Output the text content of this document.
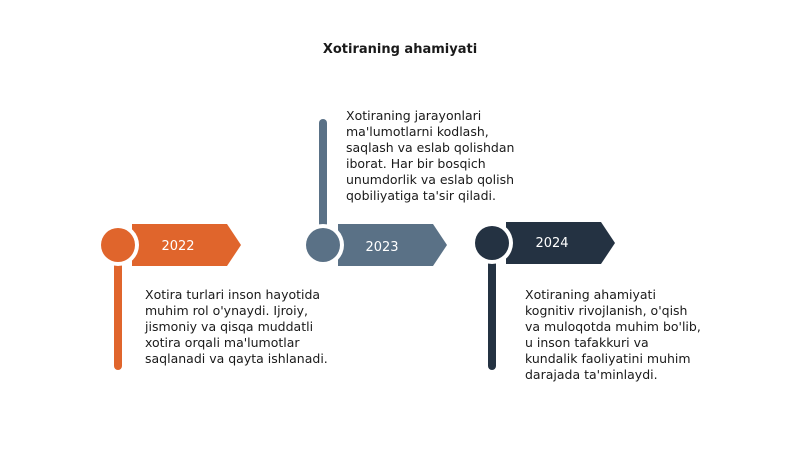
Xotiraning ahamiyati
2022	2023	2024
Xotira turlari inson hayotida muhim rol o'ynaydi. Ijroiy, jismoniy va qisqa muddatli xotira orqali ma'lumotlar saqlanadi va qayta ishlanadi.
Xotiraning jarayonlari ma'lumotlarni kodlash, saqlash va eslab qolishdan iborat. Har bir bosqich unumdorlik va eslab qolish qobiliyatiga ta'sir qiladi.
Xotiraning ahamiyati kognitiv rivojlanish, o'qish va muloqotda muhim bo'lib, u inson tafakkuri va kundalik faoliyatini muhim darajada ta'minlaydi.
